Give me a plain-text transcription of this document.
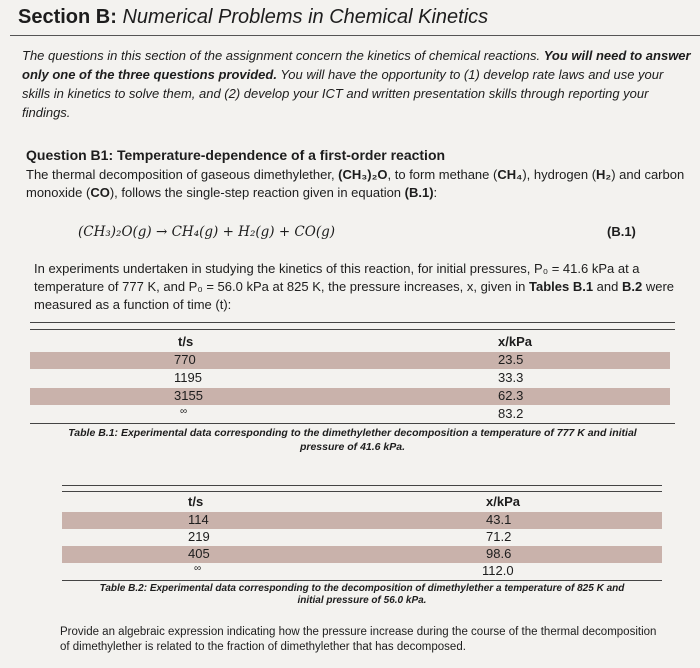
Section B: Numerical Problems in Chemical Kinetics
The questions in this section of the assignment concern the kinetics of chemical reactions. You will need to answer only one of the three questions provided. You will have the opportunity to (1) develop rate laws and use your skills in kinetics to solve them, and (2) develop your ICT and written presentation skills through reporting your findings.
Question B1: Temperature-dependence of a first-order reaction
The thermal decomposition of gaseous dimethylether, (CH₃)₂O, to form methane (CH₄), hydrogen (H₂) and carbon monoxide (CO), follows the single-step reaction given in equation (B.1):
(CH₃)₂O(g) → CH₄(g) + H₂(g) + CO(g)	(B.1)
In experiments undertaken in studying the kinetics of this reaction, for initial pressures, P₀ = 41.6 kPa at a temperature of 777 K, and P₀ = 56.0 kPa at 825 K, the pressure increases, x, given in Tables B.1 and B.2 were measured as a function of time (t):
t/s	x/kPa
770	23.5
1195	33.3
3155	62.3
∞	83.2
Table B.1: Experimental data corresponding to the dimethylether decomposition a temperature of 777 K and initial
pressure of 41.6 kPa.
t/s	x/kPa
114	43.1
219	71.2
405	98.6
∞	112.0
Table B.2: Experimental data corresponding to the decomposition of dimethylether a temperature of 825 K and
initial pressure of 56.0 kPa.
Provide an algebraic expression indicating how the pressure increase during the course of the thermal decomposition of dimethylether is related to the fraction of dimethylether that has decomposed.
